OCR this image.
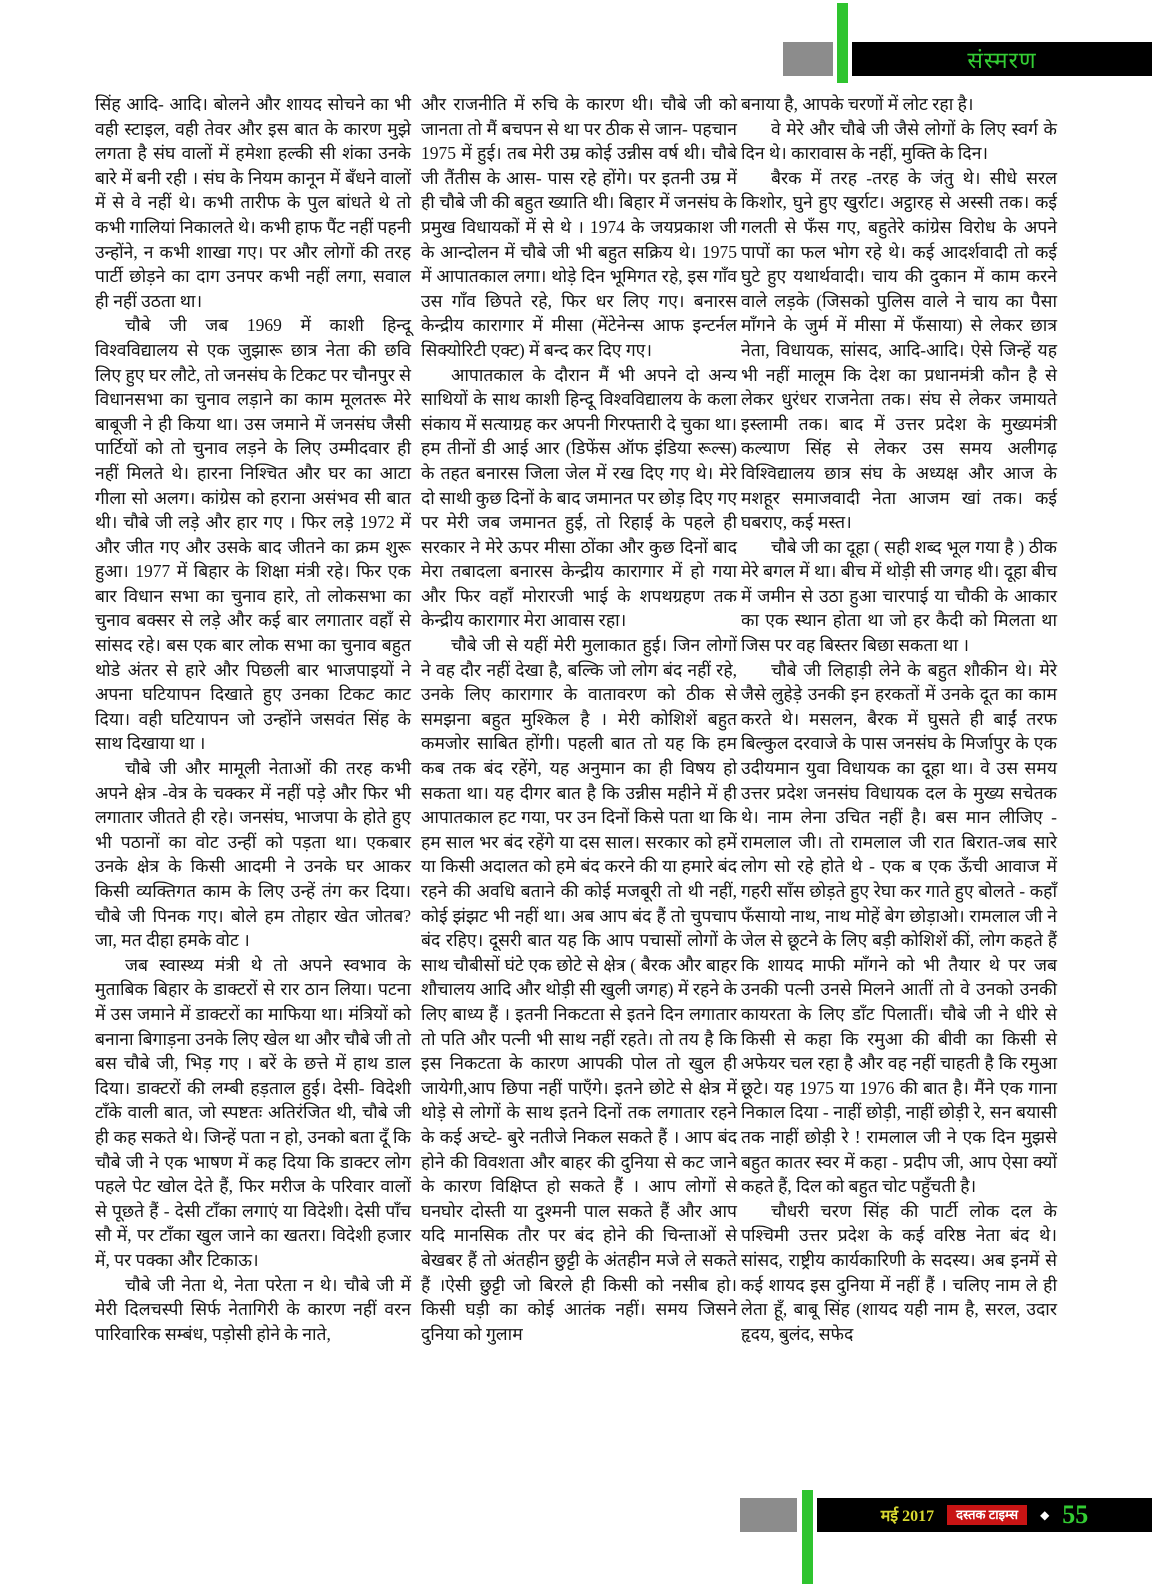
संस्मरण

सिंह आदि- आदि। बोलने और शायद सोचने का भी वही स्टाइल, वही तेवर और इस बात के कारण मुझे लगता है संघ वालों में हमेशा हल्की सी शंका उनके बारे में बनी रही । संघ के नियम कानून में बँधने वालों में से वे नहीं थे। कभी तारीफ के पुल बांधते थे तो कभी गालियां निकालते थे। कभी हाफ पैंट नहीं पहनी उन्होंने, न कभी शाखा गए। पर और लोगों की तरह पार्टी छोड़ने का दाग उनपर कभी नहीं लगा, सवाल ही नहीं उठता था।

चौबे जी जब 1969 में काशी हिन्दू विश्वविद्यालय से एक जुझारू छात्र नेता की छवि लिए हुए घर लौटे, तो जनसंघ के टिकट पर चौनपुर से विधानसभा का चुनाव लड़ाने का काम मूलतरू मेरे बाबूजी ने ही किया था। उस जमाने में जनसंघ जैसी पार्टियों को तो चुनाव लड़ने के लिए उम्मीदवार ही नहीं मिलते थे। हारना निश्चित और घर का आटा गीला सो अलग। कांग्रेस को हराना असंभव सी बात थी। चौबे जी लड़े और हार गए । फिर लड़े 1972 में और जीत गए और उसके बाद जीतने का क्रम शुरू हुआ। 1977 में बिहार के शिक्षा मंत्री रहे। फिर एक बार विधान सभा का चुनाव हारे, तो लोकसभा का चुनाव बक्सर से लड़े और कई बार लगातार वहाँ से सांसद रहे। बस एक बार लोक सभा का चुनाव बहुत थोडे अंतर से हारे और पिछली बार भाजपाइयों ने अपना घटियापन दिखाते हुए उनका टिकट काट दिया। वही घटियापन जो उन्होंने जसवंत सिंह के साथ दिखाया था ।

चौबे जी और मामूली नेताओं की तरह कभी अपने क्षेत्र -वेत्र के चक्कर में नहीं पड़े और फिर भी लगातार जीतते ही रहे। जनसंघ, भाजपा के होते हुए भी पठानों का वोट उन्हीं को पड़ता था। एकबार उनके क्षेत्र के किसी आदमी ने उनके घर आकर किसी व्यक्तिगत काम के लिए उन्हें तंग कर दिया। चौबे जी पिनक गए। बोले हम तोहार खेत जोतब? जा, मत दीहा हमके वोट ।

जब स्वास्थ्य मंत्री थे तो अपने स्वभाव के मुताबिक बिहार के डाक्टरों से रार ठान लिया। पटना में उस जमाने में डाक्टरों का माफिया था। मंत्रियों को बनाना बिगाड़ना उनके लिए खेल था और चौबे जी तो बस चौबे जी, भिड़ गए । बरें के छत्ते में हाथ डाल दिया। डाक्टरों की लम्बी हड़ताल हुई। देसी- विदेशी टाँके वाली बात, जो स्पष्टतः अतिरंजित थी, चौबे जी ही कह सकते थे। जिन्हें पता न हो, उनको बता दूँ कि चौबे जी ने एक भाषण में कह दिया कि डाक्टर लोग पहले पेट खोल देते हैं, फिर मरीज के परिवार वालों से पूछते हैं - देसी टाँका लगाएं या विदेशी। देसी पाँच सौ में, पर टाँका खुल जाने का खतरा। विदेशी हजार में, पर पक्का और टिकाऊ।

चौबे जी नेता थे, नेता परेता न थे। चौबे जी में मेरी दिलचस्पी सिर्फ नेतागिरी के कारण नहीं वरन पारिवारिक सम्बंध, पड़ोसी होने के नाते,

और राजनीति में रुचि के कारण थी। चौबे जी को जानता तो मैं बचपन से था पर ठीक से जान- पहचान 1975 में हुई। तब मेरी उम्र कोई उन्नीस वर्ष थी। चौबे जी तैंतीस के आस- पास रहे होंगे। पर इतनी उम्र में ही चौबे जी की बहुत ख्याति थी। बिहार में जनसंघ के प्रमुख विधायकों में से थे । 1974 के जयप्रकाश जी के आन्दोलन में चौबे जी भी बहुत सक्रिय थे। 1975 में आपातकाल लगा। थोड़े दिन भूमिगत रहे, इस गाँव उस गाँव छिपते रहे, फिर धर लिए गए। बनारस केन्द्रीय कारागार में मीसा (मेंटेनेन्स आफ इन्टर्नल सिक्योरिटी एक्ट) में बन्द कर दिए गए।

आपातकाल के दौरान मैं भी अपने दो अन्य साथियों के साथ काशी हिन्दू विश्वविद्यालय के कला संकाय में सत्याग्रह कर अपनी गिरफ्तारी दे चुका था। हम तीनों डी आई आर (डिफेंस ऑफ इंडिया रूल्स) के तहत बनारस जिला जेल में रख दिए गए थे। मेरे दो साथी कुछ दिनों के बाद जमानत पर छोड़ दिए गए पर मेरी जब जमानत हुई, तो रिहाई के पहले ही सरकार ने मेरे ऊपर मीसा ठोंका और कुछ दिनों बाद मेरा तबादला बनारस केन्द्रीय कारागार में हो गया और फिर वहाँ मोरारजी भाई के शपथग्रहण तक केन्द्रीय कारागार मेरा आवास रहा।

चौबे जी से यहीं मेरी मुलाकात हुई। जिन लोगों ने वह दौर नहीं देखा है, बल्कि जो लोग बंद नहीं रहे, उनके लिए कारागार के वातावरण को ठीक से समझना बहुत मुश्किल है । मेरी कोशिशें बहुत कमजोर साबित होंगी। पहली बात तो यह कि हम कब तक बंद रहेंगे, यह अनुमान का ही विषय हो सकता था। यह दीगर बात है कि उन्नीस महीने में ही आपातकाल हट गया, पर उन दिनों किसे पता था कि हम साल भर बंद रहेंगे या दस साल। सरकार को हमें या किसी अदालत को हमे बंद करने की या हमारे बंद रहने की अवधि बताने की कोई मजबूरी तो थी नहीं, कोई झंझट भी नहीं था। अब आप बंद हैं तो चुपचाप बंद रहिए। दूसरी बात यह कि आप पचासों लोगों के साथ चौबीसों घंटे एक छोटे से क्षेत्र ( बैरक और बाहर शौचालय आदि और थोड़ी सी खुली जगह) में रहने के लिए बाध्य हैं । इतनी निकटता से इतने दिन लगातार तो पति और पत्नी भी साथ नहीं रहते। तो तय है कि इस निकटता के कारण आपकी पोल तो खुल ही जायेगी,आप छिपा नहीं पाएँगे। इतने छोटे से क्षेत्र में थोड़े से लोगों के साथ इतने दिनों तक लगातार रहने के कई अच्टे- बुरे नतीजे निकल सकते हैं । आप बंद होने की विवशता और बाहर की दुनिया से कट जाने के कारण विक्षिप्त हो सकते हैं । आप लोगों से घनघोर दोस्ती या दुश्मनी पाल सकते हैं और आप यदि मानसिक तौर पर बंद होने की चिन्ताओं से बेखबर हैं तो अंतहीन छुट्टी के अंतहीन मजे ले सकते हैं ।ऐसी छुट्टी जो बिरले ही किसी को नसीब हो। किसी घड़ी का कोई आतंक नहीं। समय जिसने दुनिया को गुलाम

बनाया है, आपके चरणों में लोट रहा है।

वे मेरे और चौबे जी जैसे लोगों के लिए स्वर्ग के दिन थे। कारावास के नहीं, मुक्ति के दिन।

बैरक में तरह -तरह के जंतु थे। सीधे सरल किशोर, घुने हुए खुर्राट। अट्ठारह से अस्सी तक। कई गलती से फँस गए, बहुतेरे कांग्रेस विरोध के अपने पापों का फल भोग रहे थे। कई आदर्शवादी तो कई घुटे हुए यथार्थवादी। चाय की दुकान में काम करने वाले लड़के (जिसको पुलिस वाले ने चाय का पैसा माँगने के जुर्म में मीसा में फँसाया) से लेकर छात्र नेता, विधायक, सांसद, आदि-आदि। ऐसे जिन्हें यह भी नहीं मालूम कि देश का प्रधानमंत्री कौन है से लेकर धुरंधर राजनेता तक। संघ से लेकर जमायते इस्लामी तक। बाद में उत्तर प्रदेश के मुख्यमंत्री कल्याण सिंह से लेकर उस समय अलीगढ़ विश्विद्यालय छात्र संघ के अध्यक्ष और आज के मशहूर समाजवादी नेता आजम खां तक। कई घबराए, कई मस्त।

चौबे जी का दूहा ( सही शब्द भूल गया है ) ठीक मेरे बगल में था। बीच में थोड़ी सी जगह थी। दूहा बीच में जमीन से उठा हुआ चारपाई या चौकी के आकार का एक स्थान होता था जो हर कैदी को मिलता था जिस पर वह बिस्तर बिछा सकता था ।

चौबे जी लिहाड़ी लेने के बहुत शौकीन थे। मेरे जैसे लुहेड़े उनकी इन हरकतों में उनके दूत का काम करते थे। मसलन, बैरक में घुसते ही बाईं तरफ बिल्कुल दरवाजे के पास जनसंघ के मिर्जापुर के एक उदीयमान युवा विधायक का दूहा था। वे उस समय उत्तर प्रदेश जनसंघ विधायक दल के मुख्य सचेतक थे। नाम लेना उचित नहीं है। बस मान लीजिए - रामलाल जी। तो रामलाल जी रात बिरात-जब सारे लोग सो रहे होते थे - एक ब एक ऊँची आवाज में गहरी साँस छोड़ते हुए रेघा कर गाते हुए बोलते - कहाँ फँसायो नाथ, नाथ मोहें बेग छोड़ाओ। रामलाल जी ने जेल से छूटने के लिए बड़ी कोशिशें कीं, लोग कहते हैं कि शायद माफी माँगने को भी तैयार थे पर जब उनकी पत्नी उनसे मिलने आतीं तो वे उनको उनकी कायरता के लिए डाँट पिलातीं। चौबे जी ने धीरे से किसी से कहा कि रमुआ की बीवी का किसी से अफेयर चल रहा है और वह नहीं चाहती है कि रमुआ छूटे। यह 1975 या 1976 की बात है। मैंने एक गाना निकाल दिया - नाहीं छोड़ी, नाहीं छोड़ी रे, सन बयासी तक नाहीं छोड़ी रे ! रामलाल जी ने एक दिन मुझसे बहुत कातर स्वर में कहा - प्रदीप जी, आप ऐसा क्यों कहते हैं, दिल को बहुत चोट पहुँचती है।

चौधरी चरण सिंह की पार्टी लोक दल के पश्चिमी उत्तर प्रदेश के कई वरिष्ठ नेता बंद थे। सांसद, राष्ट्रीय कार्यकारिणी के सदस्य। अब इनमें से कई शायद इस दुनिया में नहीं हैं । चलिए नाम ले ही लेता हूँ, बाबू सिंह (शायद यही नाम है, सरल, उदार हृदय, बुलंद, सफेद

मई 2017	दस्तक टाइम्स	◆ 55
